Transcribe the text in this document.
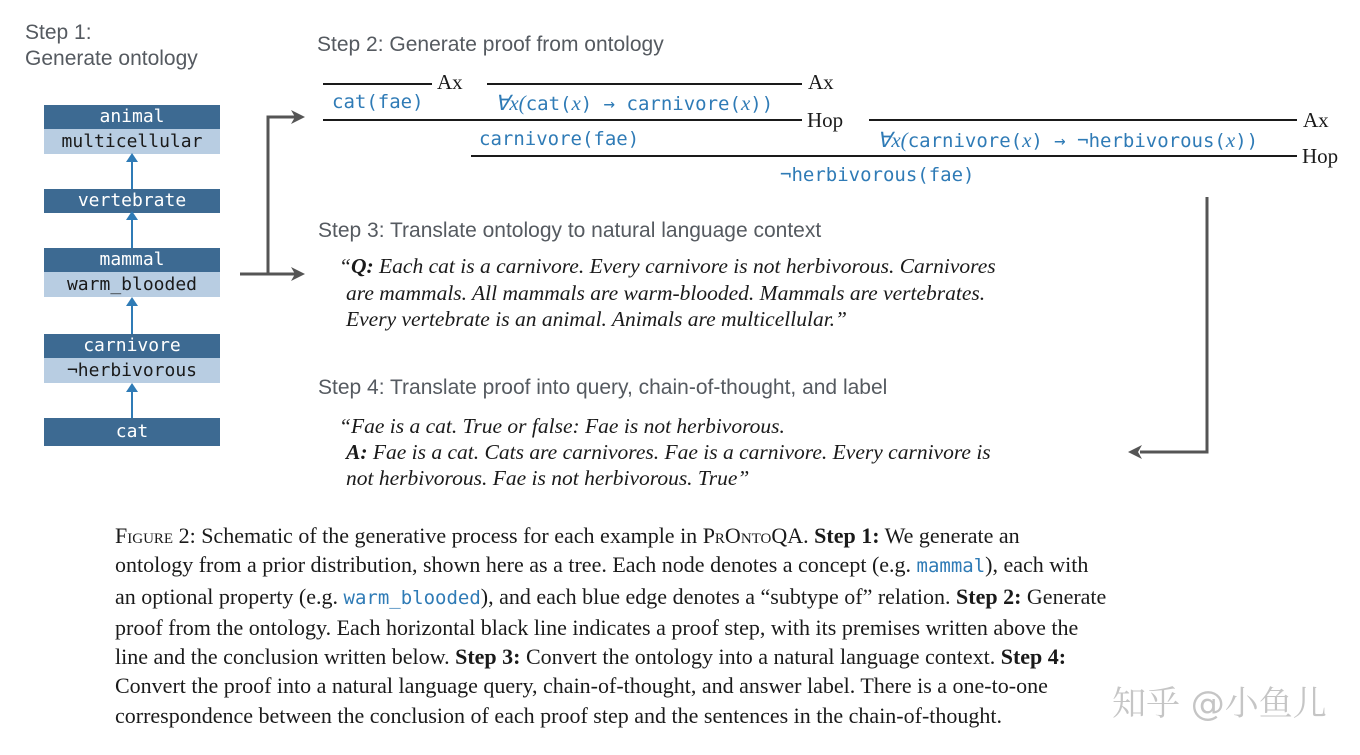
Step 1:
Generate ontology
Step 2: Generate proof from ontology
Step 3: Translate ontology to natural language context
Step 4: Translate proof into query, chain-of-thought, and label
animal
multicellular
vertebrate
mammal
warm_blooded
carnivore
¬herbivorous
cat
Ax
cat(fae)
Ax
∀x(cat(x) → carnivore(x))
Hop
carnivore(fae)
Ax
∀x(carnivore(x) → ¬herbivorous(x))
Hop
¬herbivorous(fae)
“Q: Each cat is a carnivore. Every carnivore is not herbivorous. Carnivores
are mammals. All mammals are warm-blooded. Mammals are vertebrates.
Every vertebrate is an animal. Animals are multicellular.”
“Fae is a cat. True or false: Fae is not herbivorous.
A: Fae is a cat. Cats are carnivores. Fae is a carnivore. Every carnivore is
not herbivorous. Fae is not herbivorous. True”
Figure 2: Schematic of the generative process for each example in PrOntoQA. Step 1: We generate an
ontology from a prior distribution, shown here as a tree. Each node denotes a concept (e.g. mammal), each with
an optional property (e.g. warm_blooded), and each blue edge denotes a “subtype of” relation. Step 2: Generate
proof from the ontology. Each horizontal black line indicates a proof step, with its premises written above the
line and the conclusion written below. Step 3: Convert the ontology into a natural language context. Step 4:
Convert the proof into a natural language query, chain-of-thought, and answer label. There is a one-to-one
correspondence between the conclusion of each proof step and the sentences in the chain-of-thought.	知乎 @小鱼儿
